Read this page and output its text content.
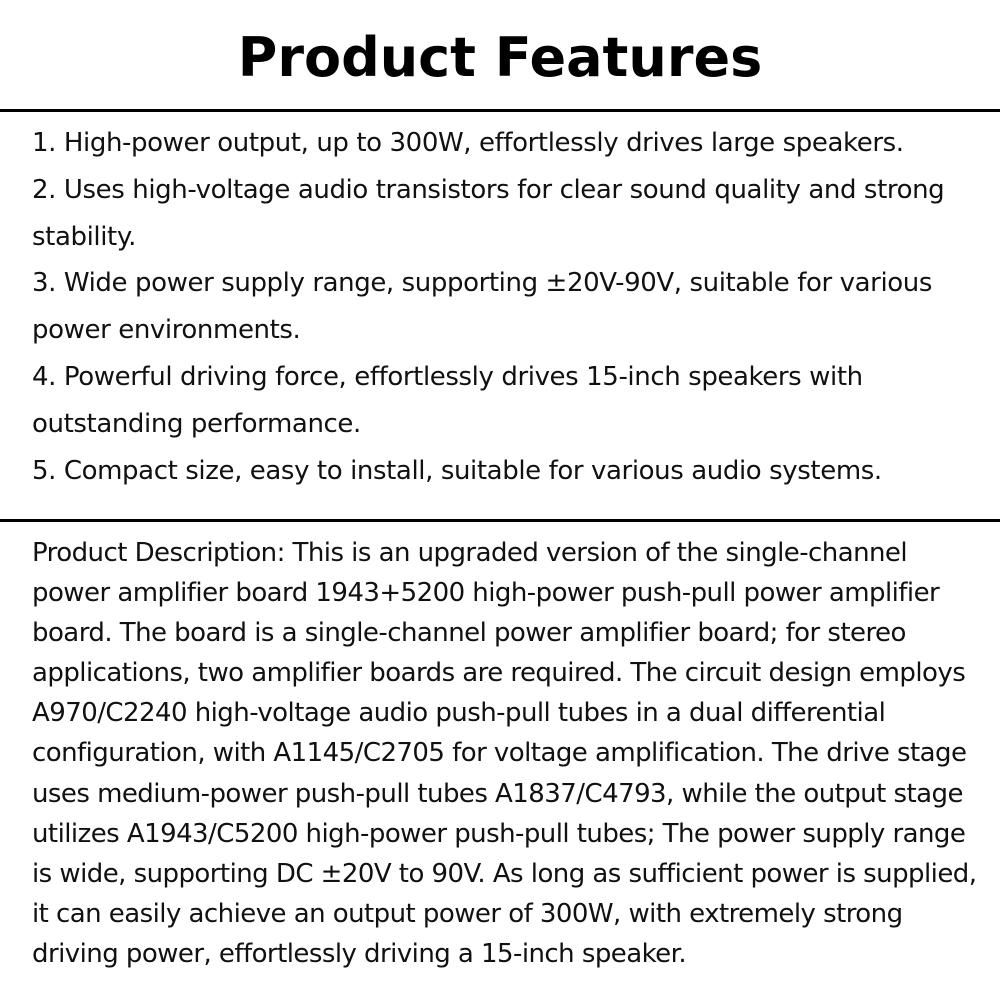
Product Features
1. High-power output, up to 300W, effortlessly drives large speakers.
2. Uses high-voltage audio transistors for clear sound quality and strong stability.
3. Wide power supply range, supporting ±20V-90V, suitable for various power environments.
4. Powerful driving force, effortlessly drives 15-inch speakers with outstanding performance.
5. Compact size, easy to install, suitable for various audio systems.

Product Description: This is an upgraded version of the single-channel power amplifier board 1943+5200 high-power push-pull power amplifier board. The board is a single-channel power amplifier board; for stereo applications, two amplifier boards are required. The circuit design employs A970/C2240 high-voltage audio push-pull tubes in a dual differential configuration, with A1145/C2705 for voltage amplification. The drive stage uses medium-power push-pull tubes A1837/C4793, while the output stage utilizes A1943/C5200 high-power push-pull tubes; The power supply range is wide, supporting DC ±20V to 90V. As long as sufficient power is supplied, it can easily achieve an output power of 300W, with extremely strong driving power, effortlessly driving a 15-inch speaker.
